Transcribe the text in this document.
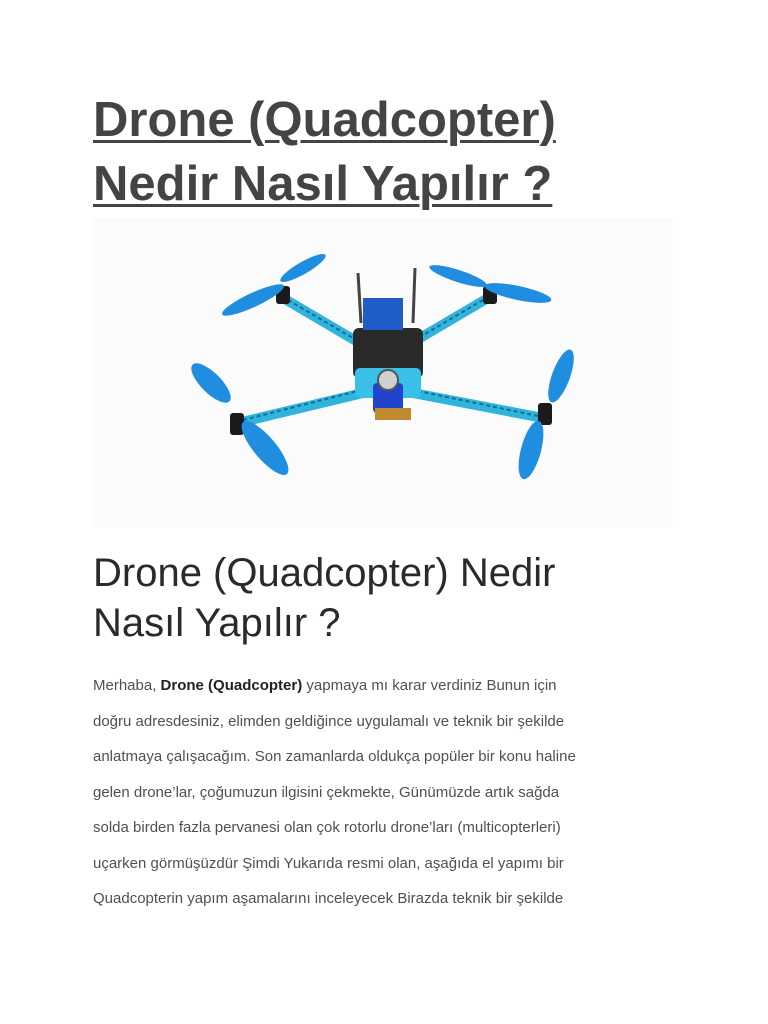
Drone (Quadcopter)
Nedir Nasıl Yapılır ?
Drone (Quadcopter) Nedir
Nasıl Yapılır ?
Merhaba, Drone (Quadcopter) yapmaya mı karar verdiniz Bunun için
doğru adresdesiniz, elimden geldiğince uygulamalı ve teknik bir şekilde
anlatmaya çalışacağım. Son zamanlarda oldukça popüler bir konu haline
gelen drone’lar, çoğumuzun ilgisini çekmekte, Günümüzde artık sağda
solda birden fazla pervanesi olan çok rotorlu drone’ları (multicopterleri)
uçarken görmüşüzdür Şimdi Yukarıda resmi olan, aşağıda el yapımı bir
Quadcopterin yapım aşamalarını inceleyecek Birazda teknik bir şekilde
